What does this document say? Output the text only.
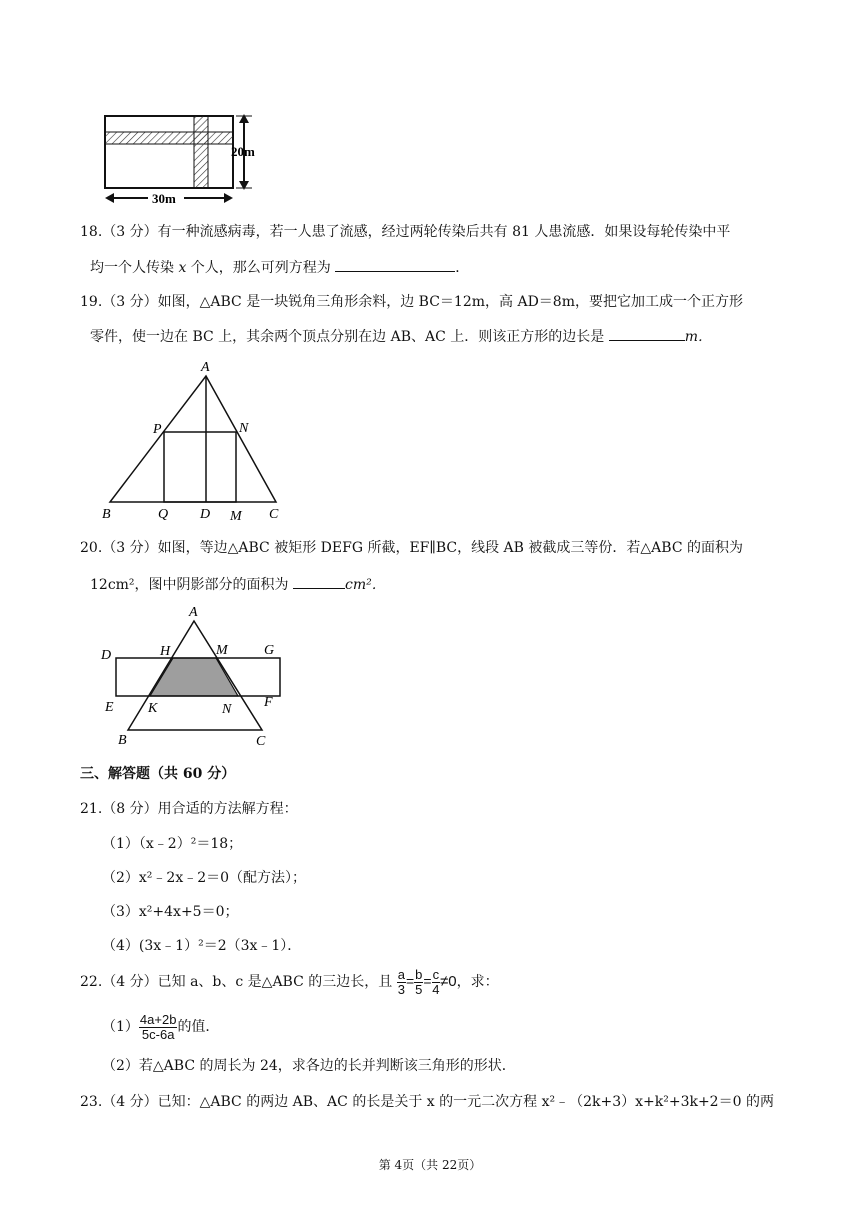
20m
30m
18.（3 分）有一种流感病毒，若一人患了流感，经过两轮传染后共有 81 人患流感．如果设每轮传染中平
均一个人传染 x 个人，那么可列方程为	．
19.（3 分）如图，△ABC 是一块锐角三角形余料，边 BC＝12m，高 AD＝8m，要把它加工成一个正方形
零件，使一边在 BC 上，其余两个顶点分别在边 AB、AC 上．则该正方形的边长是	m．
A
P	N
B	Q D M C
20.（3 分）如图，等边△ABC 被矩形 DEFG 所截，EF∥BC，线段 AB 被截成三等份．若△ABC 的面积为
12cm²，图中阴影部分的面积为	cm²．
A
D	H	M	G
E K	N F
B	C
三、解答题（共 60 分）
21.（8 分）用合适的方法解方程：
（1）（x﹣2）²＝18；
（2）x²﹣2x﹣2＝0（配方法）；
（3）x²+4x+5＝0；
（4）(3x﹣1）²＝2（3x﹣1）．
22.（4 分）已知 a、b、c 是△ABC 的三边长，且 $\frac{a}{3} = \frac{b}{5} = \frac{c}{4} \ne 0$，求：
$(1) \frac{4a+2b}{5c-6a}$ 的值．
（2）若△ABC 的周长为 24，求各边的长并判断该三角形的形状．
23.（4 分）已知：△ABC 的两边 AB、AC 的长是关于 x 的一元二次方程 x²﹣（2k+3）x+k²+3k+2＝0 的两
第 4页（共 22页）
